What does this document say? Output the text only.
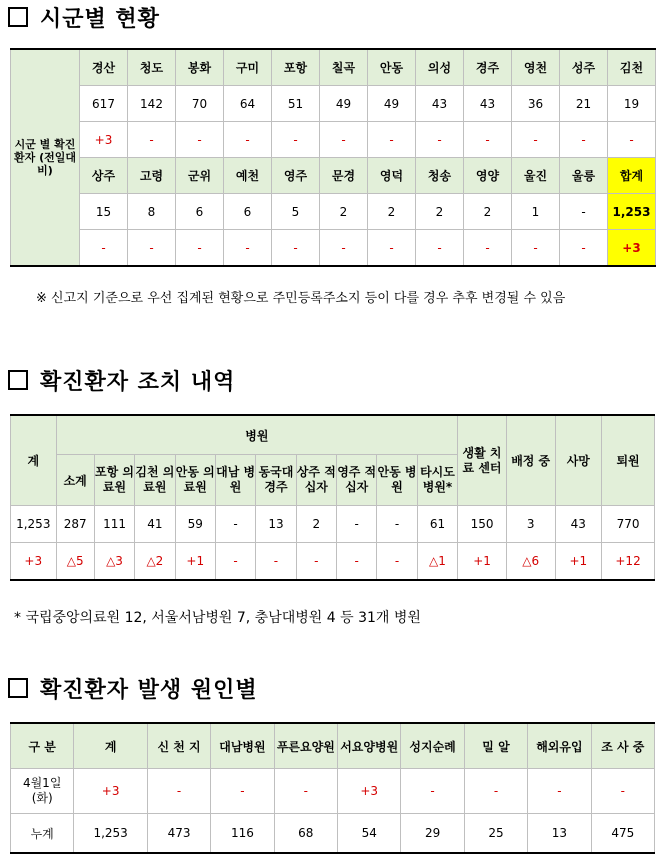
시군별 현황
시군 별 확진환자 (전일대비)	경산	청도	봉화	구미	포항	칠곡	안동	의성	경주	영천	성주	김천
	617	142	70	64	51	49	49	43	43	36	21	19
	+3	-	-	-	-	-	-	-	-	-	-	-
	상주	고령	군위	예천	영주	문경	영덕	청송	영양	울진	울릉	합계
	15	8	6	6	5	2	2	2	2	1	-	1,253
	-	-	-	-	-	-	-	-	-	-	-	+3
※ 신고지 기준으로 우선 집계된 현황으로 주민등록주소지 등이 다를 경우 추후 변경될 수 있음
확진환자 조치 내역
계	병원										생활 치료 센터	배정 중	사망	퇴원
	소계	포항 의료원	김천 의료원	안동 의료원	대남 병원	동국대 경주	상주 적십자	영주 적십자	안동 병원	타시도 병원*				
1,253	287	111	41	59	-	13	2	-	-	61	150	3	43	770
+3	△5	△3	△2	+1	-	-	-	-	-	△1	+1	△6	+1	+12
* 국립중앙의료원 12, 서울서남병원 7, 충남대병원 4 등 31개 병원
확진환자 발생 원인별
구 분	계	신 천 지	대남병원	푸른요양원	서요양병원	성지순례	밀 알	해외유입	조 사 중
4월1일 (화)	+3	-	-	-	+3	-	-	-	-
누계	1,253	473	116	68	54	29	25	13	475
